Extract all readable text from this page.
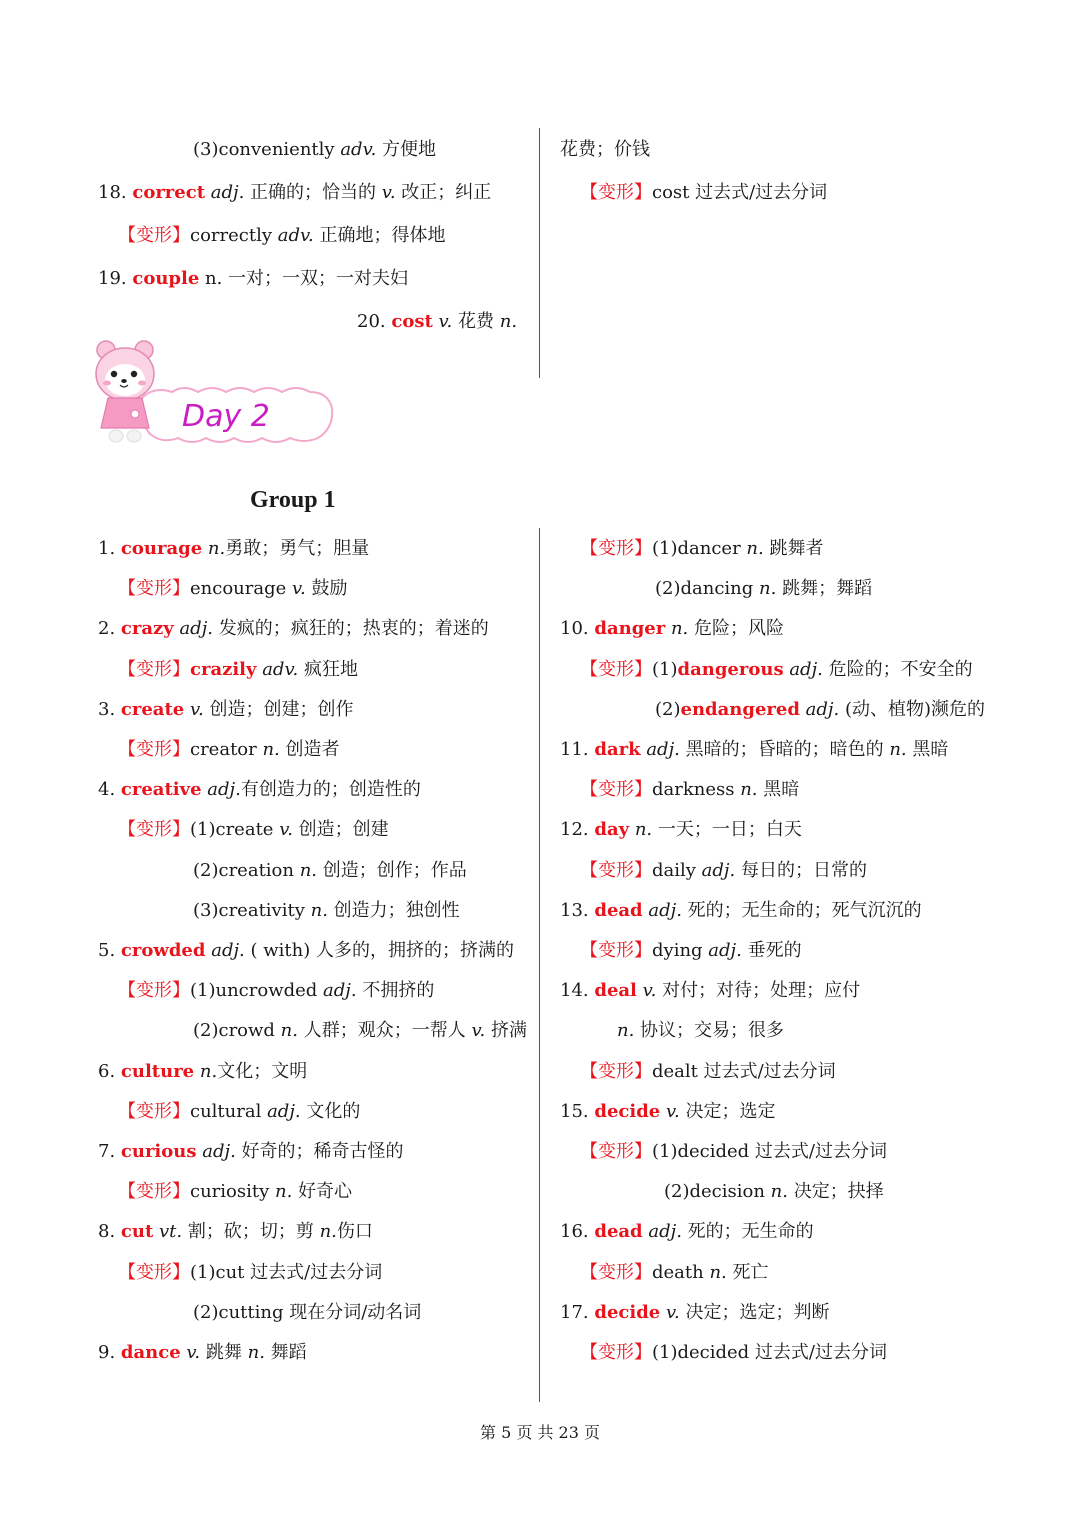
(3)conveniently adv. 方便地
18. correct adj. 正确的；恰当的 v. 改正；纠正
【变形】correctly adv. 正确地；得体地
19. couple n. 一对；一双；一对夫妇
20. cost v. 花费 n.
花费；价钱
【变形】cost 过去式/过去分词
1. courage n.勇敢；勇气；胆量
【变形】encourage v. 鼓励
2. crazy adj. 发疯的；疯狂的；热衷的；着迷的
【变形】crazily adv. 疯狂地
3. create v. 创造；创建；创作
【变形】creator n. 创造者
4. creative adj.有创造力的；创造性的
【变形】(1)create v. 创造；创建
(2)creation n. 创造；创作；作品
(3)creativity n. 创造力；独创性
5. crowded adj. ( with) 人多的，拥挤的；挤满的
【变形】(1)uncrowded adj. 不拥挤的
(2)crowd n. 人群；观众；一帮人 v. 挤满
6. culture n.文化；文明
【变形】cultural adj. 文化的
7. curious adj. 好奇的；稀奇古怪的
【变形】curiosity n. 好奇心
8. cut vt. 割；砍；切；剪 n.伤口
【变形】(1)cut 过去式/过去分词
(2)cutting 现在分词/动名词
9. dance v. 跳舞 n. 舞蹈
【变形】(1)dancer n. 跳舞者
(2)dancing n. 跳舞；舞蹈
10. danger n. 危险；风险
【变形】(1)dangerous adj. 危险的；不安全的
(2)endangered adj. (动、植物)濒危的
11. dark adj. 黑暗的；昏暗的；暗色的 n. 黑暗
【变形】darkness n. 黑暗
12. day n. 一天；一日；白天
【变形】daily adj. 每日的；日常的
13. dead adj. 死的；无生命的；死气沉沉的
【变形】dying adj. 垂死的
14. deal v. 对付；对待；处理；应付
n. 协议；交易；很多
【变形】dealt 过去式/过去分词
15. decide v. 决定；选定
【变形】(1)decided 过去式/过去分词
(2)decision n. 决定；抉择
16. dead adj. 死的；无生命的
【变形】death n. 死亡
17. decide v. 决定；选定；判断
【变形】(1)decided 过去式/过去分词
Day 2
Group 1
第 5 页 共 23 页
